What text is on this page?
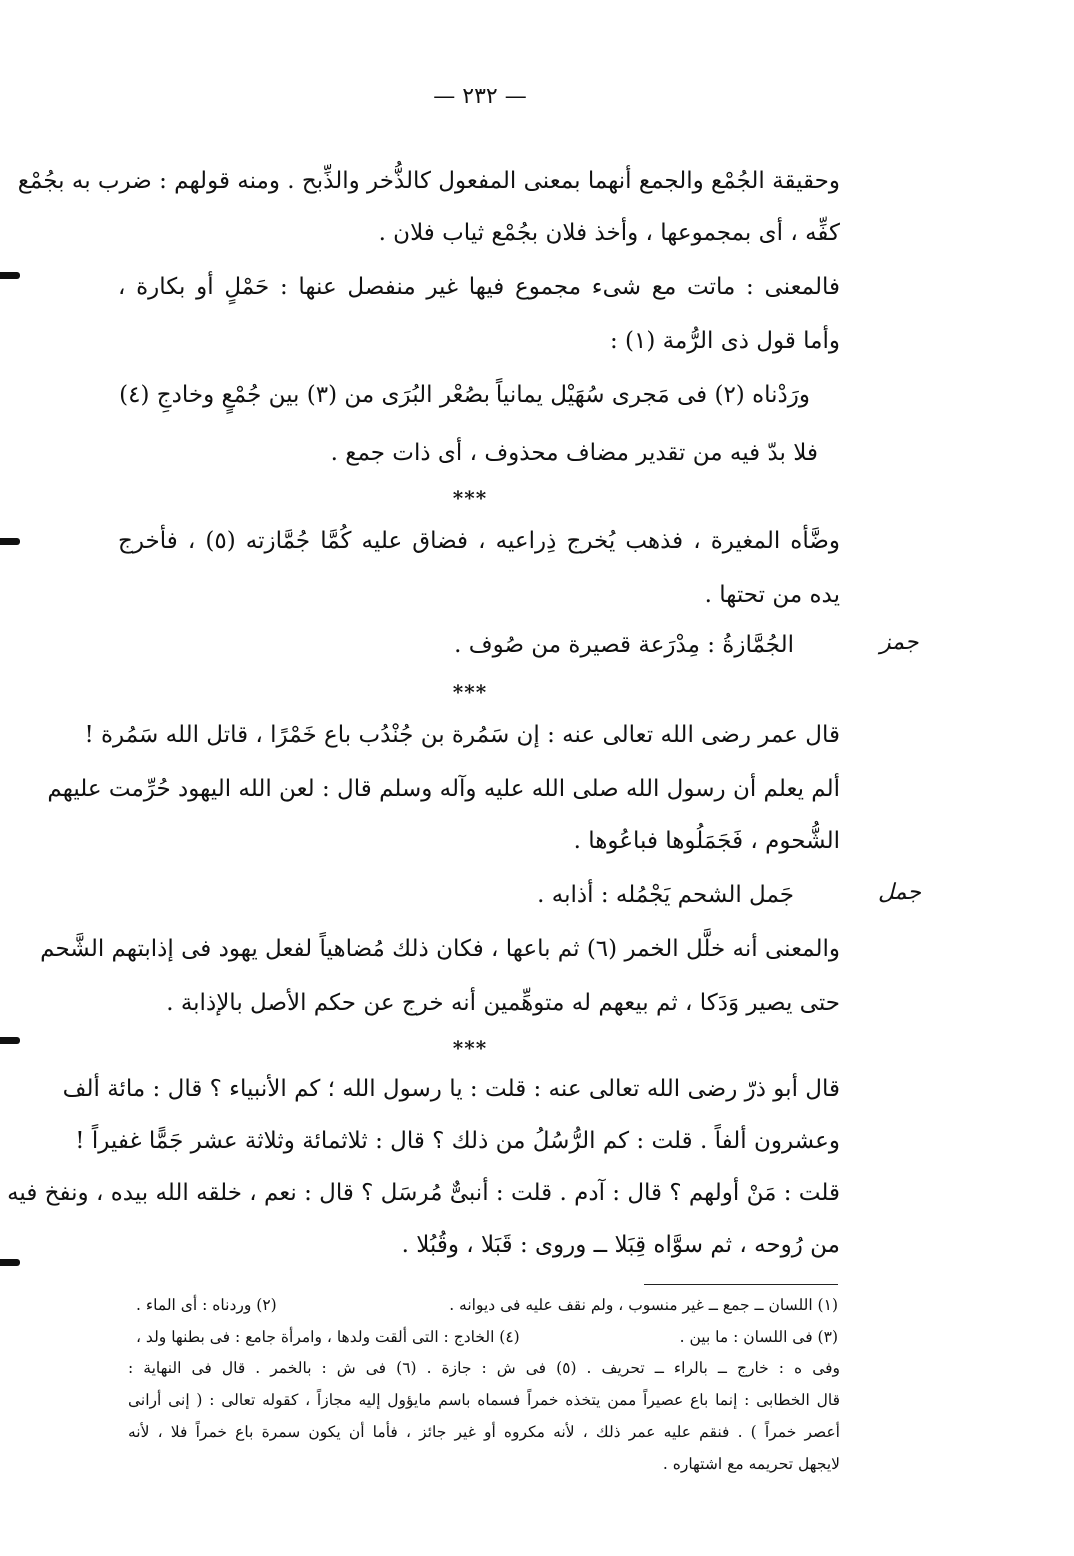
— ٢٣٢ —
وحقيقة الجُمْع والجمع أنهما بمعنى المفعول كالذُّخر والذِّبح . ومنه قولهم : ضرب به بجُمْع
كفِّه ، أى بمجموعها ، وأخذ فلان بجُمْع ثياب فلان .
فالمعنى : ماتت مع شىء مجموع فيها غير منفصل عنها : حَمْلٍ أو بكارة ،
وأما قول ذى الرُّمة (١) :
ورَدْناه (٢) فى مَجرى سُهَيْل يمانياً
بصُعْر البُرَى من (٣) بين جُمْعٍ وخادجِ (٤)
فلا بدّ فيه من تقدير مضاف محذوف ، أى ذات جمع .
***
وضَّأه المغيرة ، فذهب يُخرج ذِراعيه ، فضاق عليه كُمَّا جُمَّازته (٥) ، فأخرج
يده من تحتها .
جمز
الجُمَّازةُ : مِدْرَعة قصيرة من صُوف .
***
قال عمر رضى الله تعالى عنه : إن سَمُرة بن جُنْدُب باع خَمْرًا ، قاتل الله سَمُرة !
ألم يعلم أن رسول الله صلى الله عليه وآله وسلم قال : لعن الله اليهود حُرِّمت عليهم
الشُّحوم ، فَجَمَلُوها فباعُوها .
جمل
جَمل الشحم يَجْمُله : أذابه .
والمعنى أنه خلَّل الخمر (٦) ثم باعها ، فكان ذلك مُضاهياً لفعل يهود فى إذابتهم الشَّحم
حتى يصير وَدَكا ، ثم بيعهم له متوهِّمين أنه خرج عن حكم الأصل بالإذابة .
***
قال أبو ذرّ رضى الله تعالى عنه : قلت : يا رسول الله ؛ كم الأنبياء ؟ قال : مائة ألف
وعشرون ألفاً . قلت : كم الرُّسُلُ من ذلك ؟ قال : ثلاثمائة وثلاثة عشر جَمًّا غفيراً !
قلت : مَنْ أولهم ؟ قال : آدم . قلت : أنبىٌّ مُرسَل ؟ قال : نعم ، خلقه الله بيده ، ونفخ فيه
من رُوحه ، ثم سوَّاه قِبَلا ــ وروى : قَبَلا ، وقُبُلا .
(١) اللسان ــ جمع ــ غير منسوب ، ولم نقف عليه فى ديوانه .
(٢) وردناه : أى الماء .
(٣) فى اللسان : ما بين .
(٤) الخادج : التى ألقت ولدها ، وامرأة جامع : فى بطنها ولد ،
وفى ه : خارج ــ بالراء ــ تحريف . (٥) فى ش : جازة . (٦) فى ش : بالخمر . قال فى النهاية :
قال الخطابى : إنما باع عصيراً ممن يتخذه خمراً فسماه باسم مايؤول إليه مجازاً ، كقوله تعالى : ( إنى أرانى
أعصر خمراً ) . فنقم عليه عمر ذلك ، لأنه مكروه أو غير جائز ، فأما أن يكون سمرة باع خمراً فلا ، لأنه
لايجهل تحريمه مع اشتهاره .
